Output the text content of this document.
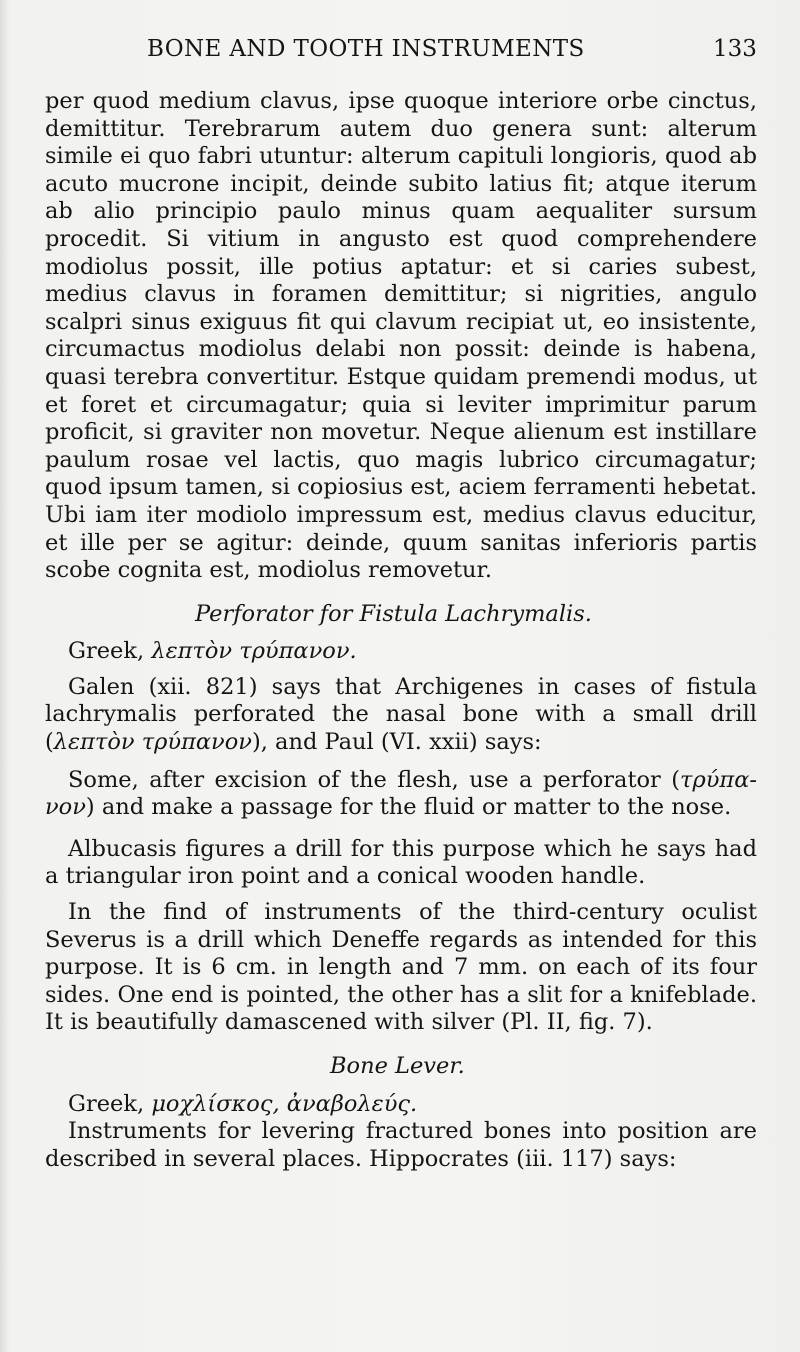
BONE AND TOOTH INSTRUMENTS	133

per quod medium clavus, ipse quoque interiore orbe cinctus, demittitur. Terebrarum autem duo genera sunt: alterum simile ei quo fabri utuntur: alterum capituli longioris, quod ab acuto mucrone incipit, deinde subito latius fit; atque iterum ab alio principio paulo minus quam aequaliter sursum procedit. Si vitium in angusto est quod comprehendere modiolus possit, ille potius aptatur: et si caries subest, medius clavus in foramen demittitur; si nigrities, angulo scalpri sinus exiguus fit qui clavum recipiat ut, eo insistente, circumactus modiolus delabi non possit: deinde is habena, quasi terebra convertitur. Estque quidam premendi modus, ut et foret et circumagatur; quia si leviter imprimitur parum proficit, si graviter non movetur. Neque alienum est instillare paulum rosae vel lactis, quo magis lubrico circumagatur; quod ipsum tamen, si copiosius est, aciem ferramenti hebetat. Ubi iam iter modiolo impressum est, medius clavus educitur, et ille per se agitur: deinde, quum sanitas inferioris partis scobe cognita est, modiolus removetur.

Perforator for Fistula Lachrymalis.

Greek, λεπτὸν τρύπανον.

Galen (xii. 821) says that Archigenes in cases of fistula lachrymalis perforated the nasal bone with a small drill (λεπτὸν τρύπανον), and Paul (VI. xxii) says:

Some, after excision of the flesh, use a perforator (τρύπανον) and make a passage for the fluid or matter to the nose.

Albucasis figures a drill for this purpose which he says had a triangular iron point and a conical wooden handle.

In the find of instruments of the third-century oculist Severus is a drill which Deneffe regards as intended for this purpose. It is 6 cm. in length and 7 mm. on each of its four sides. One end is pointed, the other has a slit for a knifeblade. It is beautifully damascened with silver (Pl. II, fig. 7).

Bone Lever.

Greek, μοχλίσκος, ἀναβολεύς.

Instruments for levering fractured bones into position are described in several places. Hippocrates (iii. 117) says:
